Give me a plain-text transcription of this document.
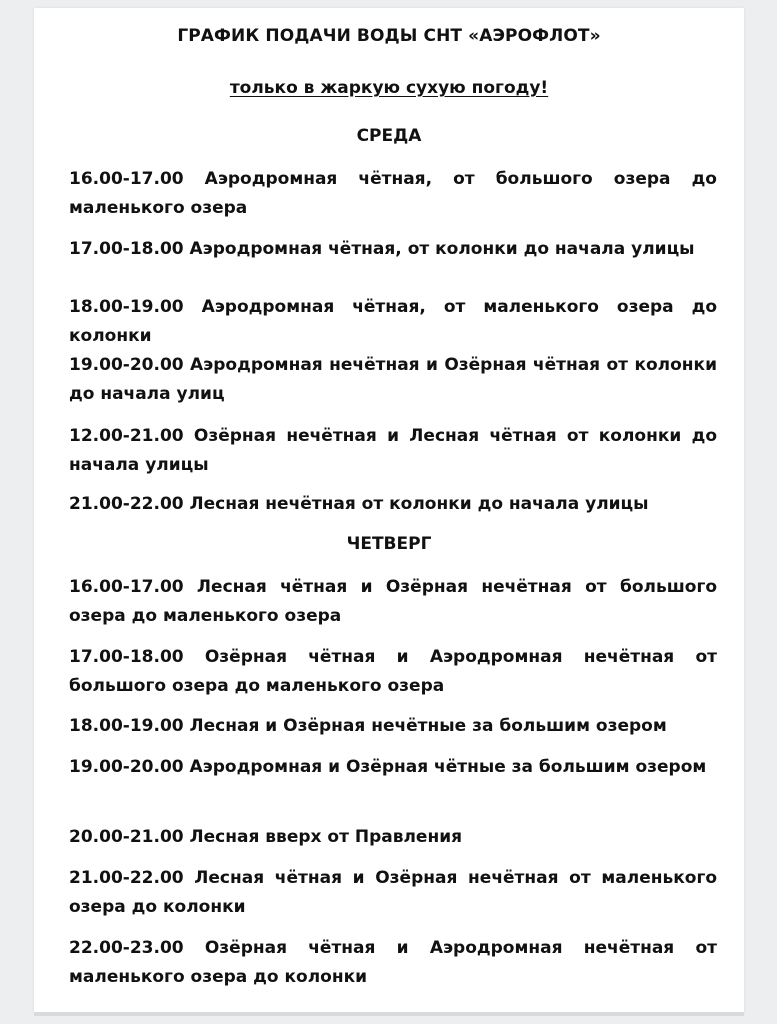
ГРАФИК ПОДАЧИ ВОДЫ СНТ «АЭРОФЛОТ»
только в жаркую сухую погоду!
СРЕДА
16.00-17.00 Аэродромная чётная, от большого озера до маленького озера
17.00-18.00 Аэродромная чётная, от колонки до начала улицы
18.00-19.00 Аэродромная чётная, от маленького озера до колонки
19.00-20.00 Аэродромная нечётная и Озёрная чётная от колонки до начала улиц
12.00-21.00 Озёрная нечётная и Лесная чётная от колонки до начала улицы
21.00-22.00 Лесная нечётная от колонки до начала улицы
ЧЕТВЕРГ
16.00-17.00 Лесная чётная и Озёрная нечётная от большого озера до маленького озера
17.00-18.00 Озёрная чётная и Аэродромная нечётная от большого озера до маленького озера
18.00-19.00 Лесная и Озёрная нечётные за большим озером
19.00-20.00 Аэродромная и Озёрная чётные за большим озером
20.00-21.00 Лесная вверх от Правления
21.00-22.00 Лесная чётная и Озёрная нечётная от маленького озера до колонки
22.00-23.00 Озёрная чётная и Аэродромная нечётная от маленького озера до колонки
